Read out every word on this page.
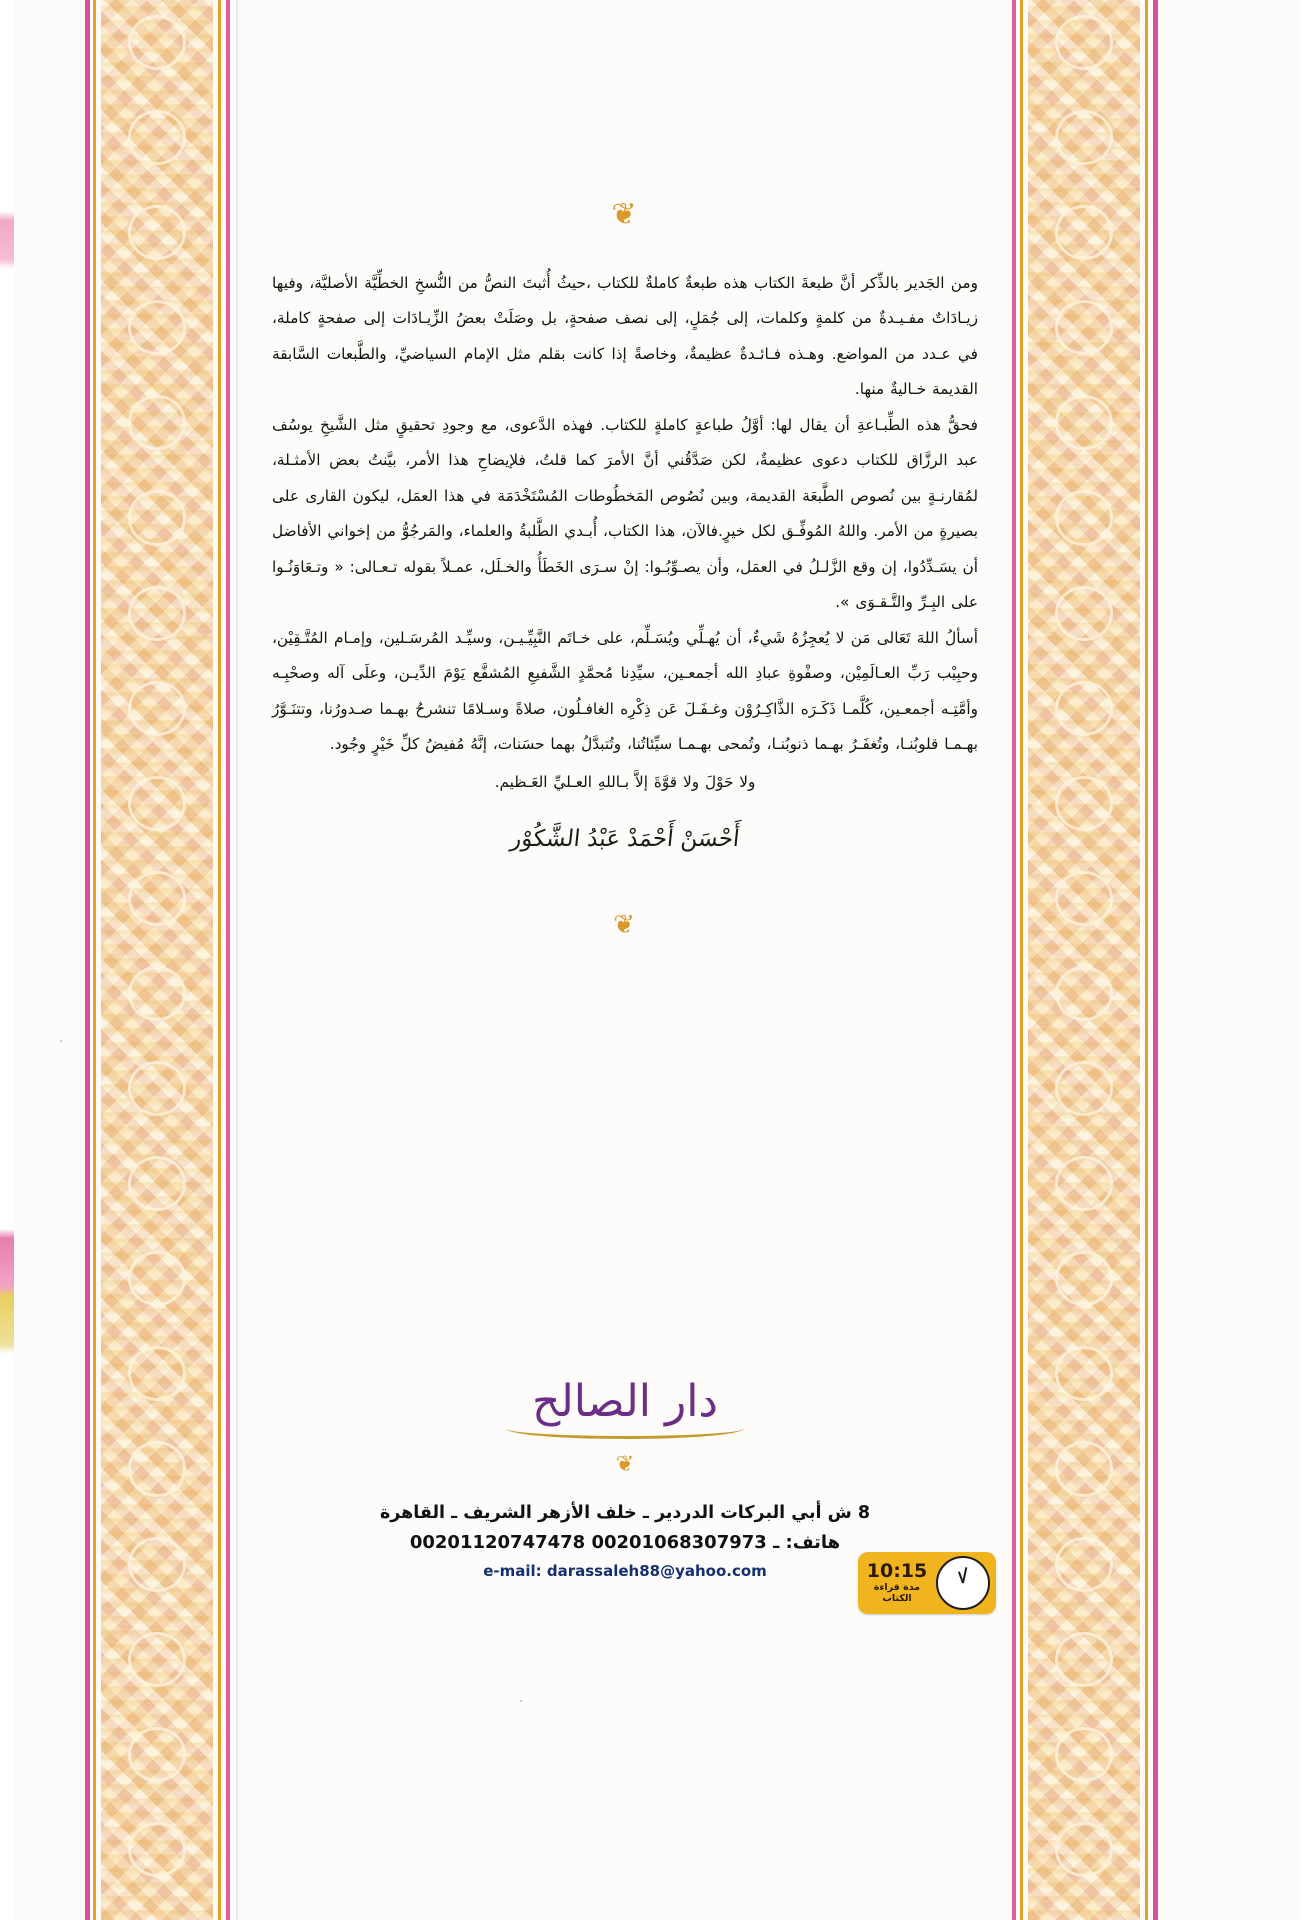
❦

ومن الجَدير بالذِّكر أنَّ طبعةَ الكتاب هذه طبعةٌ كاملةٌ للكتاب ،حيثُ أُثبتَ النصُّ من النُّسخِ الخطِّيَّة الأصليَّة، وفيها زيـادَاتٌ مفـيـدةٌ من كلمةٍ وكلمات، إلى جُمَلٍ، إلى نصف صفحةٍ، بل وصَلَتْ بعضُ الزِّيـادَات إلى صفحةٍ كاملة، في عـدد من المواضع. وهـذه فـائـدةٌ عظيمةٌ، وخاصةً إذا كانت بقلم مثل الإمام السياضيِّ، والطَّبعات السَّابقة القديمة خـاليةٌ منها.

فحقُّ هذه الطِّبـاعةِ أن يقال لها: أوَّلُ طباعةٍ كاملةٍ للكتاب. فهذه الدَّعوى، مع وجودِ تحقيقٍ مثل الشَّيخِ يوسُف عبد الرزَّاق للكتاب دعوى عظيمةٌ، لكن صَدَّقُني أنَّ الأمرَ كما قلتُ، فلإيضاحِ هذا الأمر، بيَّنتُ بعض الأمثـلة، لمُقارنـةٍ بين نُصوص الطَّبعَة القديمة، وبين نُصُوص المَخطُوطات المُسْتَخْدَمَة في هذا العمَل، ليكون القارى على بصيرةٍ من الأمر. واللهُ المُوفِّـق لكل خيرٍ.فالآن، هذا الكتاب، أُبـدي الطَّلبةُ والعلماء، والمَرجُوُّ من إخواني الأفاضل أن يسَـدِّدُوا، إن وقع الزَّلـلُ في العمَل، وأن يصـوِّبُـوا: إنْ سـرَى الخَطَأُ والخـلَل، عمـلاً بقوله تـعـالى: « وتـعَاوَنُـوا على البِـرِّ والتَّـقـوَى ».

أسألُ اللهَ تَعَالى مَن لا يُعجِزُهُ شَيءٌ، أن يُهـلِّي ويُسَـلِّم، على خـاتَم النَّبِيِّـيـن، وسيِّـد المُرسَـلين، وإمـام المُتَّـقِيْن، وحبِيْب رَبِّ العـالَمِيْن، وصفْوةِ عبادِ الله أجمعـين، سيِّدِنا مُحمَّدٍ الشَّفيعِ المُشفَّع يَوْمَ الدِّيـن، وعلَى آله وصحْبِـه وأمَّتِـه أجمعـين، كُلَّمـا ذَكَـرَه الذَّاكِـرُوْن وغـفَـلَ عَن ذِكْرِه الغافـلُون، صلاةً وسـلامًا تنشرحُ بهـما صـدورُنا، وتتنَـوَّرُ بهـمـا قلوبُنـا، وتُغفَـرُ بهـما ذنوبُنـا، وتُمحى بهـمـا سيِّئاتُنا، وتُتبدَّلُ بهما حسَنات، إنَّهُ مُفيضُ كلِّ خَيْرٍ وجُود.

ولا حَوْلَ ولا قوَّةَ إلاَّ بـاللهِ العـليِّ العَـظيم.

أَحْسَنْ أَحْمَدْ عَبْدُ الشَّكُوْر
❦
دار الصالح
❦
8 ش أبي البركات الدردير ـ خلف الأزهر الشريف ـ القاهرة
هاتف: 00201120747478 ـ 00201068307973
e-mail: darassaleh88@yahoo.com	10:15
مدة قراءة الكتاب
